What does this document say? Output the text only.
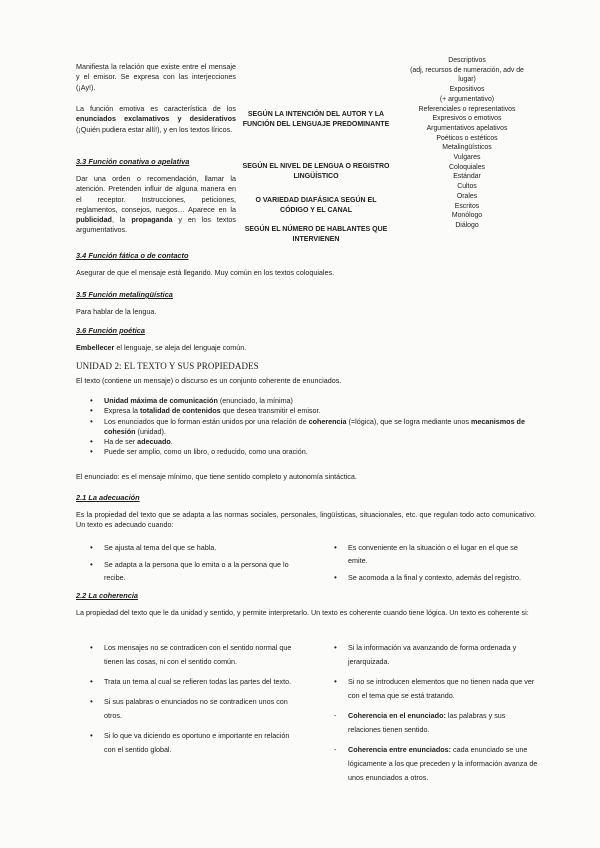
Manifiesta la relación que existe entre el mensaje y el emisor. Se expresa con las interjecciones (¡Ay!).
La función emotiva es característica de los enunciados exclamativos y desiderativos (¡Quién pudiera estar allí!), y en los textos líricos.
3.3 Función conativa o apelativa
Dar una orden o recomendación, llamar la atención. Pretenden influir de alguna manera en el receptor. Instrucciones, peticiones, reglamentos, consejos, ruegos… Aparece en la publicidad, la propaganda y en los textos argumentativos.
SEGÚN LA INTENCIÓN DEL AUTOR Y LA FUNCIÓN DEL LENGUAJE PREDOMINANTE
SEGÚN EL NIVEL DE LENGUA O REGISTRO LINGÜÍSTICO
O VARIEDAD DIAFÁSICA SEGÚN EL CÓDIGO Y EL CANAL
SEGÚN EL NÚMERO DE HABLANTES QUE INTERVIENEN
Descriptivos
(adj, recursos de numeración, adv de
lugar)
Expositivos
(+ argumentativo)
Referenciales o representativos
Expresivos o emotivos
Argumentativos apelativos
Poéticos o estéticos
Metalingüísticos
Vulgares
Coloquiales
Estándar
Cultos
Orales
Escritos
Monólogo
Diálogo
3.4 Función fática o de contacto
Asegurar de que el mensaje está llegando. Muy común en los textos coloquiales.
3.5 Función metalingüística
Para hablar de la lengua.
3.6 Función poética
Embellecer el lenguaje, se aleja del lenguaje común.
UNIDAD 2: EL TEXTO Y SUS PROPIEDADES
El texto (contiene un mensaje) o discurso es un conjunto coherente de enunciados.
• Unidad máxima de comunicación (enunciado, la mínima)
• Expresa la totalidad de contenidos que desea transmitir el emisor.
• Los enunciados que lo forman están unidos por una relación de coherencia (=lógica), que se logra mediante unos mecanismos de cohesión (unidad).
• Ha de ser adecuado.
• Puede ser amplio, como un libro, o reducido, como una oración.
El enunciado: es el mensaje mínimo, que tiene sentido completo y autonomía sintáctica.
2.1 La adecuación
Es la propiedad del texto que se adapta a las normas sociales, personales, lingüísticas, situacionales, etc. que regulan todo acto comunicativo. Un texto es adecuado cuando:
• Se ajusta al tema del que se habla.
• Se adapta a la persona que lo emita o a la persona que lo recibe.
• Es conveniente en la situación o el lugar en el que se emite.
• Se acomoda a la final y contexto, además del registro.
2.2 La coherencia
La propiedad del texto que le da unidad y sentido, y permite interpretarlo. Un texto es coherente cuando tiene lógica. Un texto es coherente si:
• Los mensajes no se contradicen con el sentido normal que tienen las cosas, ni con el sentido común.
• Trata un tema al cual se refieren todas las partes del texto.
• Si sus palabras o enunciados no se contradicen unos con otros.
• Si lo que va diciendo es oportuno e importante en relación con el sentido global.
• Si la información va avanzando de forma ordenada y jerarquizada.
• Si no se introducen elementos que no tienen nada que ver con el tema que se está tratando.
- Coherencia en el enunciado: las palabras y sus relaciones tienen sentido.
- Coherencia entre enunciados: cada enunciado se une lógicamente a los que preceden y la información avanza de unos enunciados a otros.
